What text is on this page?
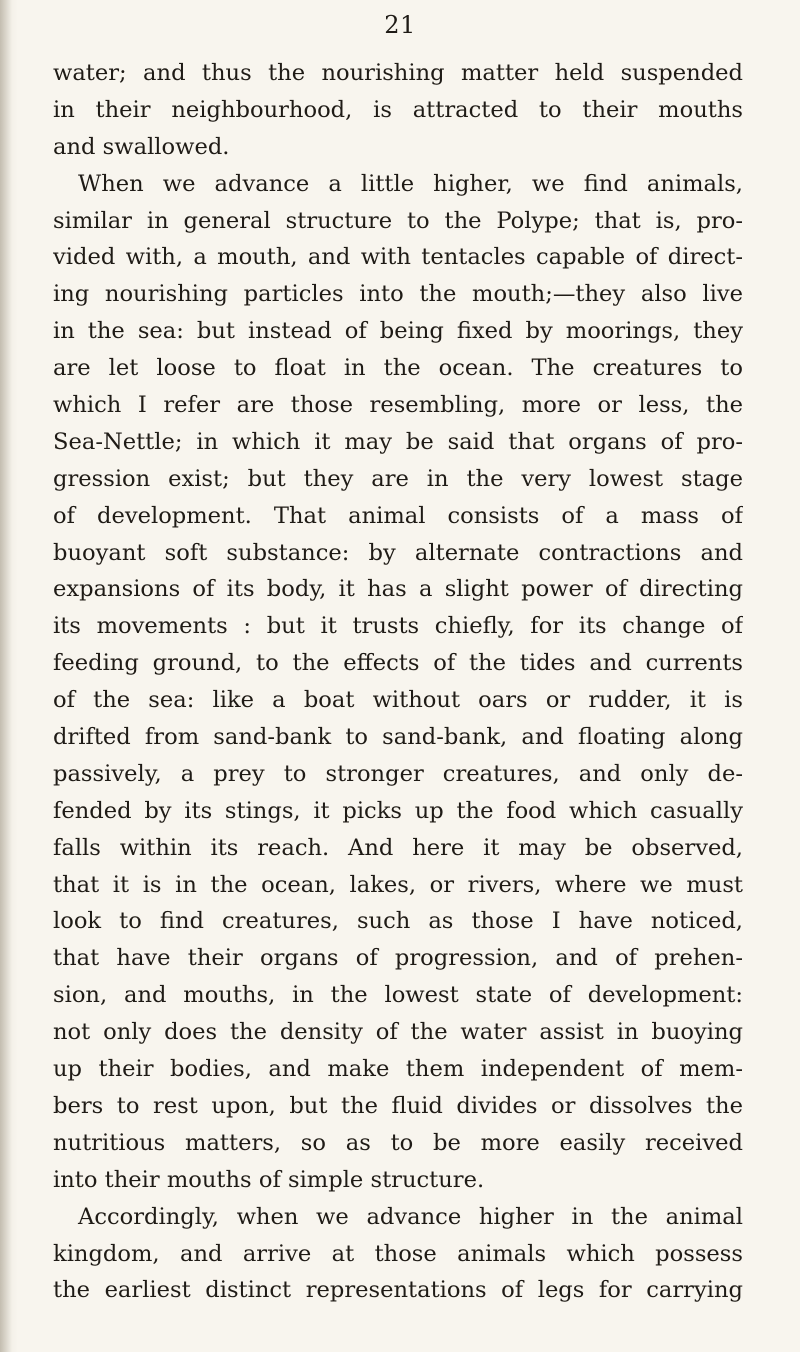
21
water; and thus the nourishing matter held suspended
in their neighbourhood, is attracted to their mouths
and swallowed.
When we advance a little higher, we find animals,
similar in general structure to the Polype; that is, pro-
vided with, a mouth, and with tentacles capable of direct-
ing nourishing particles into the mouth;—they also live
in the sea: but instead of being fixed by moorings, they
are let loose to float in the ocean. The creatures to
which I refer are those resembling, more or less, the
Sea-Nettle; in which it may be said that organs of pro-
gression exist; but they are in the very lowest stage
of development. That animal consists of a mass of
buoyant soft substance: by alternate contractions and
expansions of its body, it has a slight power of directing
its movements : but it trusts chiefly, for its change of
feeding ground, to the effects of the tides and currents
of the sea: like a boat without oars or rudder, it is
drifted from sand-bank to sand-bank, and floating along
passively, a prey to stronger creatures, and only de-
fended by its stings, it picks up the food which casually
falls within its reach. And here it may be observed,
that it is in the ocean, lakes, or rivers, where we must
look to find creatures, such as those I have noticed,
that have their organs of progression, and of prehen-
sion, and mouths, in the lowest state of development:
not only does the density of the water assist in buoying
up their bodies, and make them independent of mem-
bers to rest upon, but the fluid divides or dissolves the
nutritious matters, so as to be more easily received
into their mouths of simple structure.
Accordingly, when we advance higher in the animal
kingdom, and arrive at those animals which possess
the earliest distinct representations of legs for carrying
